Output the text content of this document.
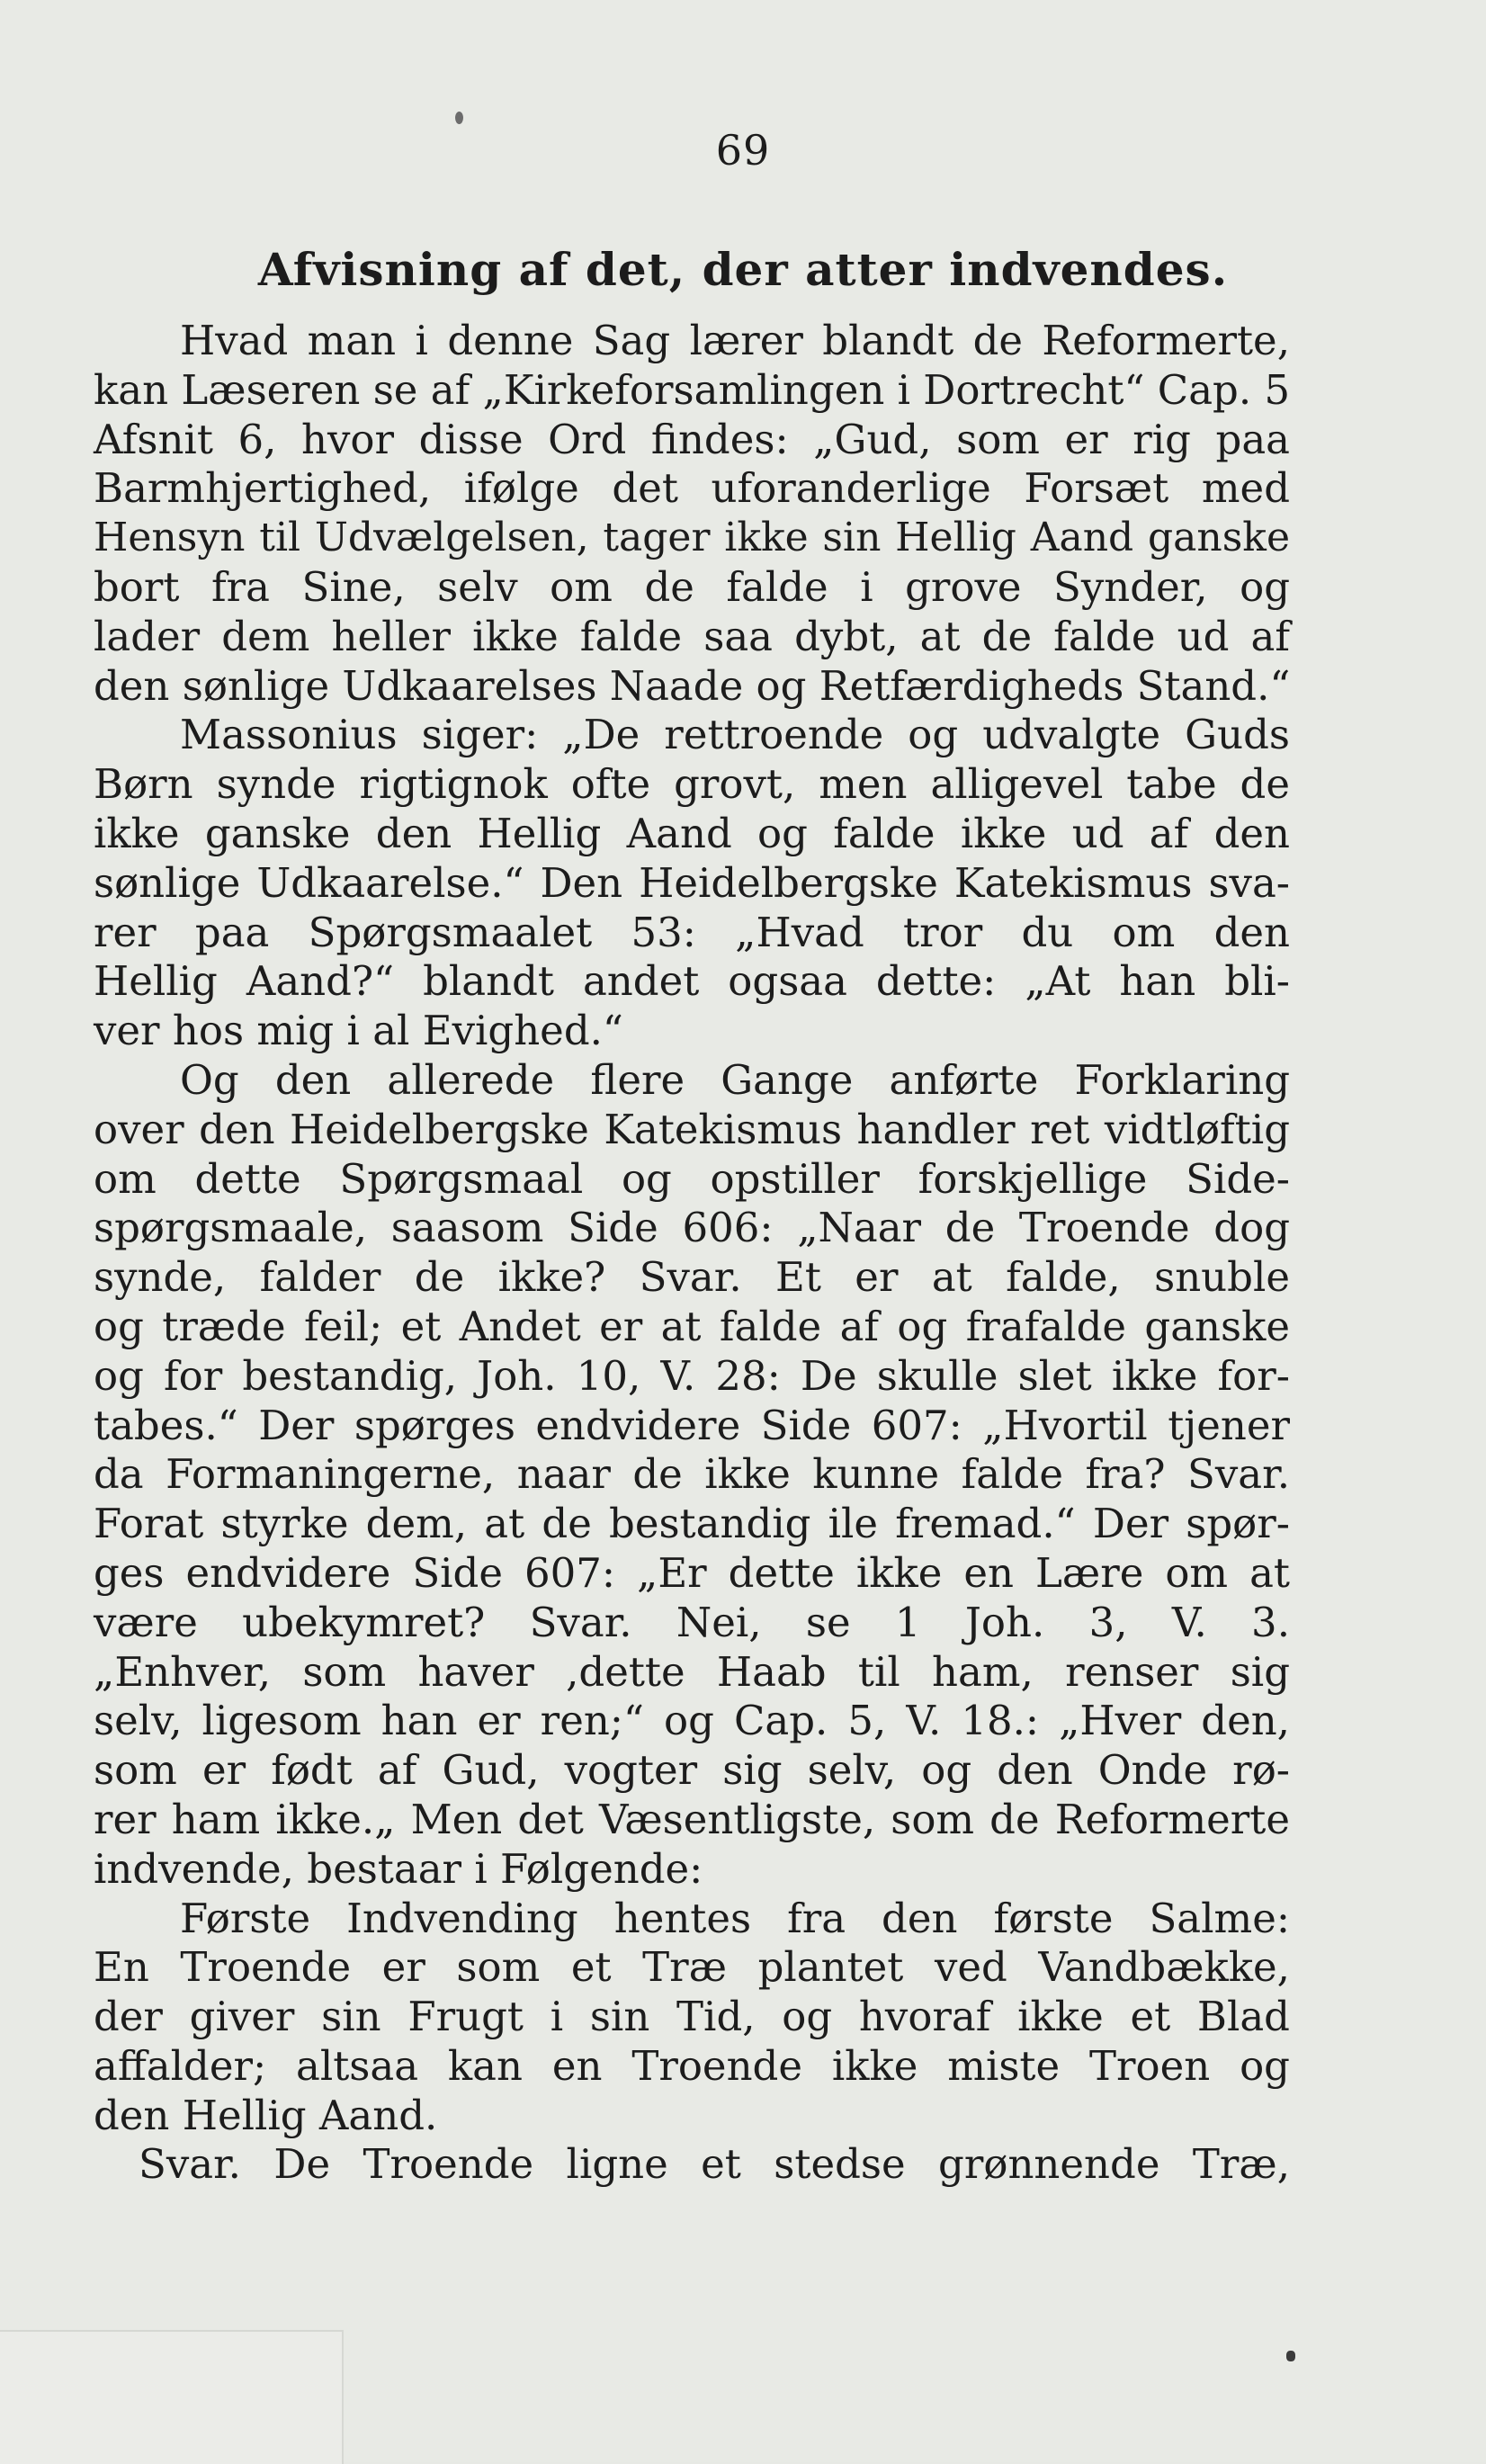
69
Afvisning af det, der atter indvendes.
Hvad man i denne Sag lærer blandt de Reformerte,
kan Læseren se af „Kirkeforsamlingen i Dortrecht“ Cap. 5
Afsnit 6, hvor disse Ord findes: „Gud, som er rig paa
Barmhjertighed, ifølge det uforanderlige Forsæt med
Hensyn til Udvælgelsen, tager ikke sin Hellig Aand ganske
bort fra Sine, selv om de falde i grove Synder, og
lader dem heller ikke falde saa dybt, at de falde ud af
den sønlige Udkaarelses Naade og Retfærdigheds Stand.“
Massonius siger: „De rettroende og udvalgte Guds
Børn synde rigtignok ofte grovt, men alligevel tabe de
ikke ganske den Hellig Aand og falde ikke ud af den
sønlige Udkaarelse.“ Den Heidelbergske Katekismus sva-
rer paa Spørgsmaalet 53: „Hvad tror du om den
Hellig Aand?“ blandt andet ogsaa dette: „At han bli-
ver hos mig i al Evighed.“
Og den allerede flere Gange anførte Forklaring
over den Heidelbergske Katekismus handler ret vidtløftig
om dette Spørgsmaal og opstiller forskjellige Side-
spørgsmaale, saasom Side 606: „Naar de Troende dog
synde, falder de ikke? Svar. Et er at falde, snuble
og træde feil; et Andet er at falde af og frafalde ganske
og for bestandig, Joh. 10, V. 28: De skulle slet ikke for-
tabes.“ Der spørges endvidere Side 607: „Hvortil tjener
da Formaningerne, naar de ikke kunne falde fra? Svar.
Forat styrke dem, at de bestandig ile fremad.“ Der spør-
ges endvidere Side 607: „Er dette ikke en Lære om at
være ubekymret? Svar. Nei, se 1 Joh. 3, V. 3.
„Enhver, som haver ,dette Haab til ham, renser sig
selv, ligesom han er ren;“ og Cap. 5, V. 18.: „Hver den,
som er født af Gud, vogter sig selv, og den Onde rø-
rer ham ikke.„ Men det Væsentligste, som de Reformerte
indvende, bestaar i Følgende:
Første Indvending hentes fra den første Salme:
En Troende er som et Træ plantet ved Vandbække,
der giver sin Frugt i sin Tid, og hvoraf ikke et Blad
affalder; altsaa kan en Troende ikke miste Troen og
den Hellig Aand.
Svar. De Troende ligne et stedse grønnende Træ,
